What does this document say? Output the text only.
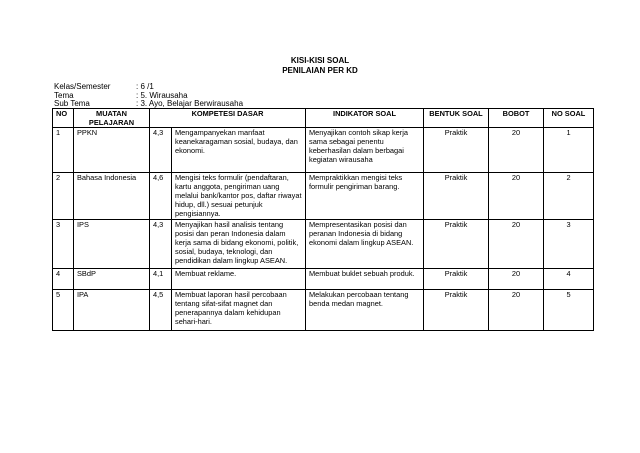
KISI-KISI SOAL
PENILAIAN PER KD
Kelas/Semester	: 6 /1
Tema	: 5. Wirausaha
Sub Tema	: 3. Ayo, Belajar Berwirausaha
NO	MUATAN PELAJARAN	KOMPETESI DASAR		INDIKATOR SOAL	BENTUK SOAL	BOBOT	NO SOAL
1	PPKN	4,3	Mengampanyekan manfaat keanekaragaman sosial, budaya, dan ekonomi.	Menyajikan contoh sikap kerja sama sebagai penentu keberhasilan dalam berbagai kegiatan wirausaha	Praktik	20	1
2	Bahasa Indonesia	4,6	Mengisi teks formulir (pendaftaran, kartu anggota, pengiriman uang melalui bank/kantor pos, daftar riwayat hidup, dll.) sesuai petunjuk pengisiannya.	Mempraktikkan mengisi teks formulir pengiriman barang.	Praktik	20	2
3	IPS	4,3	Menyajikan hasil analisis tentang posisi dan peran Indonesia dalam kerja sama di bidang ekonomi, politik, sosial, budaya, teknologi, dan pendidikan dalam lingkup ASEAN.	Mempresentasikan posisi dan peranan Indonesia di bidang ekonomi dalam lingkup ASEAN.	Praktik	20	3
4	SBdP	4,1	Membuat reklame.	Membuat buklet sebuah produk.	Praktik	20	4
5	IPA	4,5	Membuat laporan hasil percobaan tentang sifat-sifat magnet dan penerapannya dalam kehidupan sehari-hari.	Melakukan percobaan tentang benda medan magnet.	Praktik	20	5
